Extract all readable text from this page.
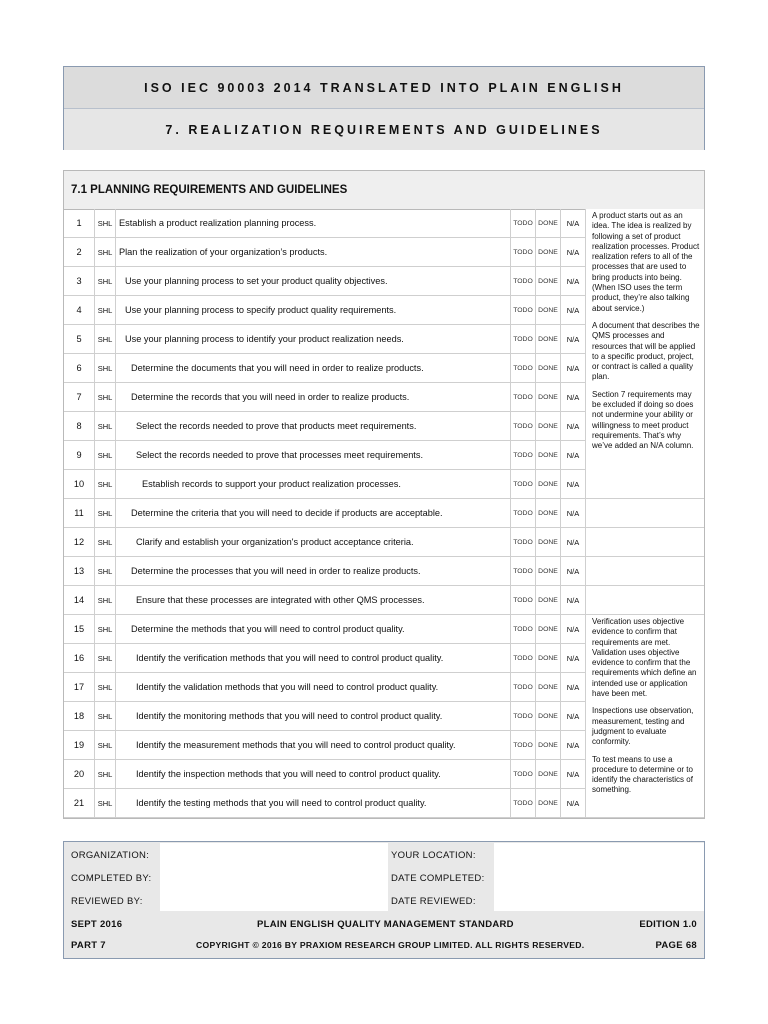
ISO IEC 90003 2014 TRANSLATED INTO PLAIN ENGLISH
7. REALIZATION REQUIREMENTS AND GUIDELINES
7.1 PLANNING REQUIREMENTS AND GUIDELINES
1	SHL	Establish a product realization planning process.	TODO	DONE	N/A	A product starts out as an idea. The idea is realized by following a set of product realization processes. Product realization refers to all of the processes that are used to bring products into being. (When ISO uses the term product, they’re also talking about service.)

A document that describes the QMS processes and resources that will be applied to a specific product, project, or contract is called a quality plan.

Section 7 requirements may be excluded if doing so does not undermine your ability or willingness to meet product requirements. That’s why we’ve added an N/A column.

2	SHL	Plan the realization of your organization’s products.	TODO	DONE	N/A	
3	SHL	Use your planning process to set your product quality objectives.	TODO	DONE	N/A	
4	SHL	Use your planning process to specify product quality requirements.	TODO	DONE	N/A	
5	SHL	Use your planning process to identify your product realization needs.	TODO	DONE	N/A	
6	SHL	Determine the documents that you will need in order to realize products.	TODO	DONE	N/A	
7	SHL	Determine the records that you will need in order to realize products.	TODO	DONE	N/A	
8	SHL	Select the records needed to prove that products meet requirements.	TODO	DONE	N/A	
9	SHL	Select the records needed to prove that processes meet requirements.	TODO	DONE	N/A	
10	SHL	Establish records to support your product realization processes.	TODO	DONE	N/A	
11	SHL	Determine the criteria that you will need to decide if products are acceptable.	TODO	DONE	N/A	
12	SHL	Clarify and establish your organization's product acceptance criteria.	TODO	DONE	N/A	
13	SHL	Determine the processes that you will need in order to realize products.	TODO	DONE	N/A	
14	SHL	Ensure that these processes are integrated with other QMS processes.	TODO	DONE	N/A	
15	SHL	Determine the methods that you will need to control product quality.	TODO	DONE	N/A	Verification uses objective evidence to confirm that requirements are met. Validation uses objective evidence to confirm that the requirements which define an intended use or application have been met.

Inspections use observation, measurement, testing and judgment to evaluate conformity.

To test means to use a procedure to determine or to identify the characteristics of something.

16	SHL	Identify the verification methods that you will need to control product quality.	TODO	DONE	N/A	
17	SHL	Identify the validation methods that you will need to control product quality.	TODO	DONE	N/A	
18	SHL	Identify the monitoring methods that you will need to control product quality.	TODO	DONE	N/A	
19	SHL	Identify the measurement methods that you will need to control product quality.	TODO	DONE	N/A	
20	SHL	Identify the inspection methods that you will need to control product quality.	TODO	DONE	N/A	
21	SHL	Identify the testing methods that you will need to control product quality.	TODO	DONE	N/A	
ORGANIZATION:	YOUR LOCATION:
COMPLETED BY:	DATE COMPLETED:
REVIEWED BY:	DATE REVIEWED:
SEPT 2016	PLAIN ENGLISH QUALITY MANAGEMENT STANDARD	EDITION 1.0
PART 7	COPYRIGHT © 2016 BY PRAXIOM RESEARCH GROUP LIMITED. ALL RIGHTS RESERVED.	PAGE 68
